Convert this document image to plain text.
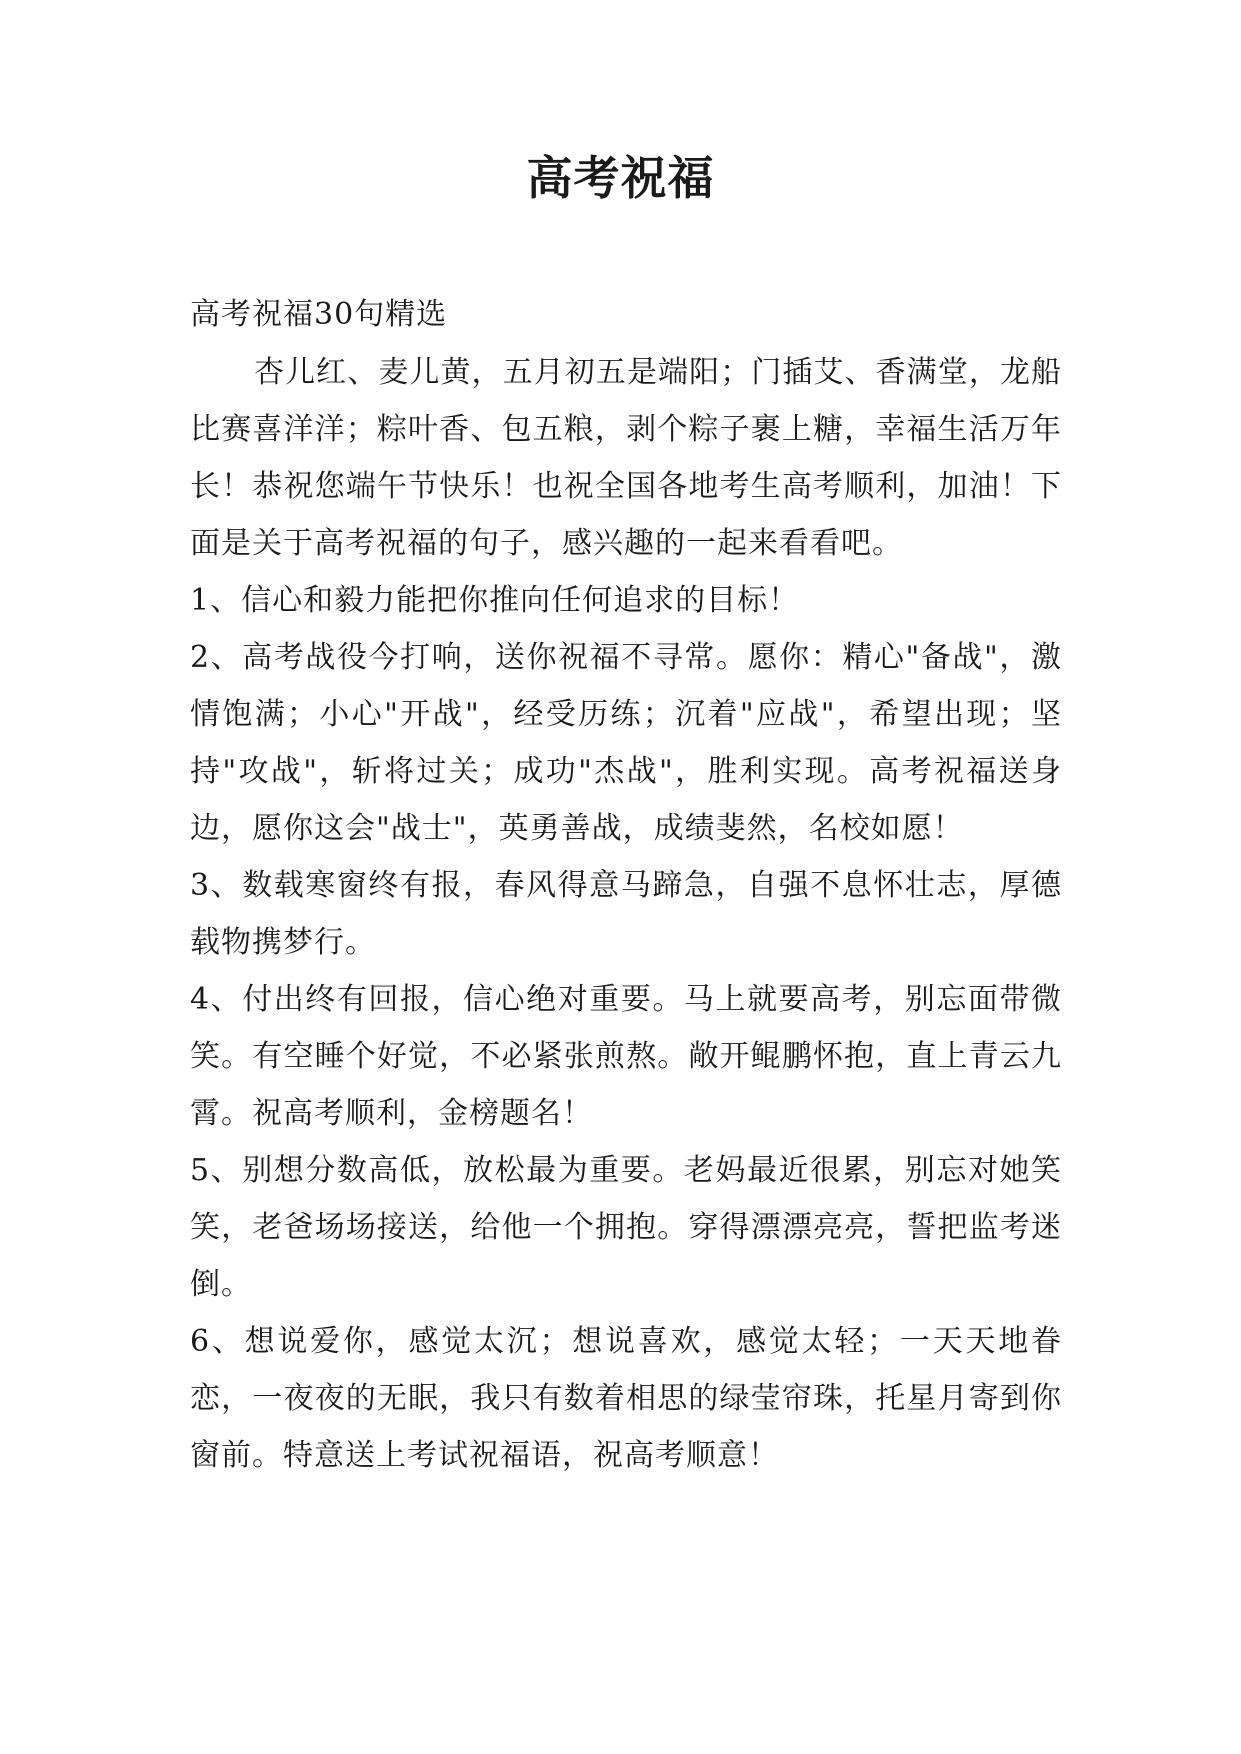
高考祝福

高考祝福30句精选

杏儿红、麦儿黄，五月初五是端阳；门插艾、香满堂，龙船比赛喜洋洋；粽叶香、包五粮，剥个粽子裹上糖，幸福生活万年长！恭祝您端午节快乐！也祝全国各地考生高考顺利，加油！下面是关于高考祝福的句子，感兴趣的一起来看看吧。

1、信心和毅力能把你推向任何追求的目标！

2、高考战役今打响，送你祝福不寻常。愿你：精心"备战"，激情饱满；小心"开战"，经受历练；沉着"应战"，希望出现；坚持"攻战"，斩将过关；成功"杰战"，胜利实现。高考祝福送身边，愿你这会"战士"，英勇善战，成绩斐然，名校如愿！

3、数载寒窗终有报，春风得意马蹄急，自强不息怀壮志，厚德载物携梦行。

4、付出终有回报，信心绝对重要。马上就要高考，别忘面带微笑。有空睡个好觉，不必紧张煎熬。敞开鲲鹏怀抱，直上青云九霄。祝高考顺利，金榜题名！

5、别想分数高低，放松最为重要。老妈最近很累，别忘对她笑笑，老爸场场接送，给他一个拥抱。穿得漂漂亮亮，誓把监考迷倒。

6、想说爱你，感觉太沉；想说喜欢，感觉太轻；一天天地眷恋，一夜夜的无眠，我只有数着相思的绿莹帘珠，托星月寄到你窗前。特意送上考试祝福语，祝高考顺意！
